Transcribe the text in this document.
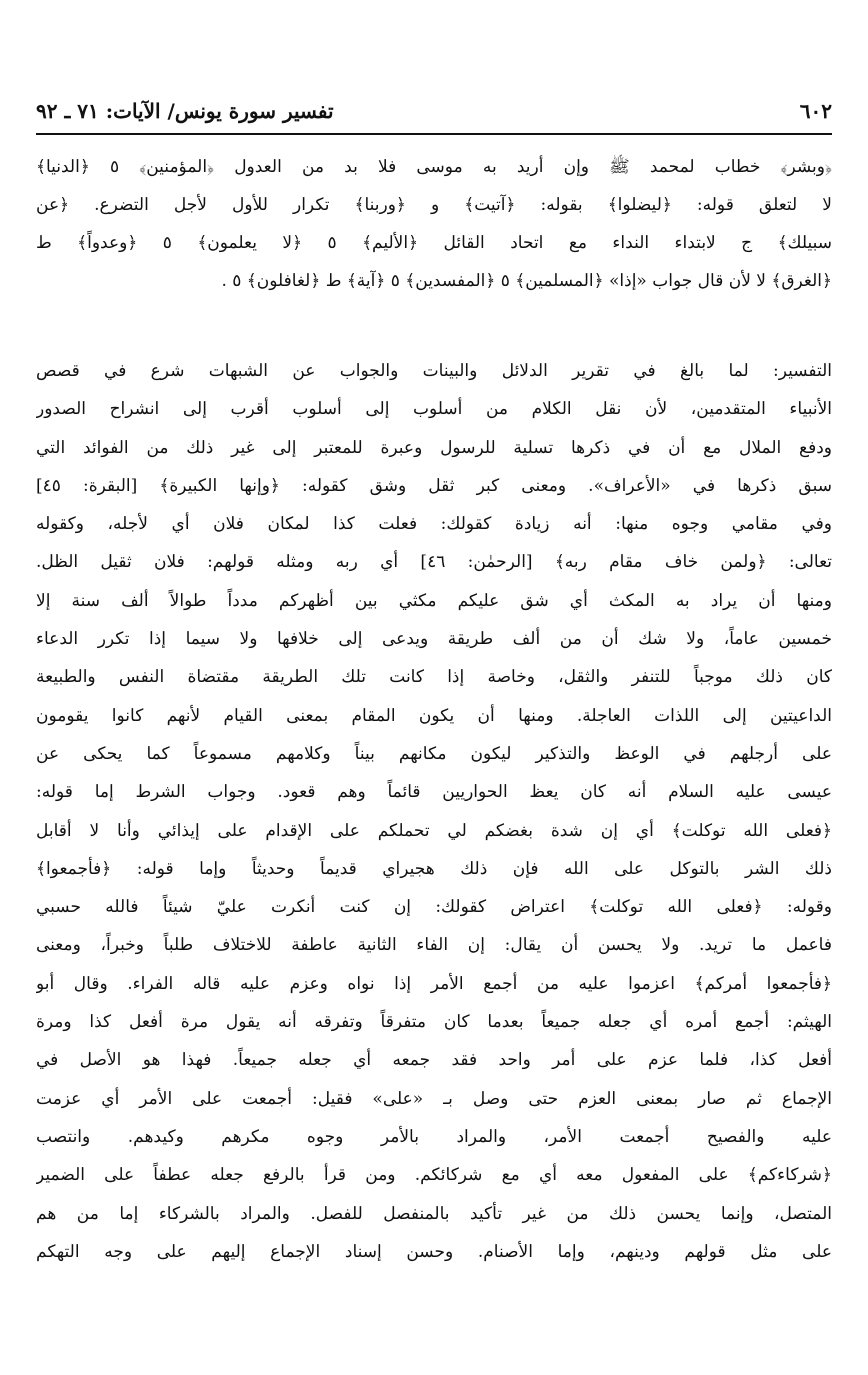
٦٠٢
تفسير سورة يونس/ الآيات: ٧١ ـ ٩٢
﴿وبشر﴾ خطاب لمحمد ﷺ وإن أريد به موسى فلا بد من العدول ﴿المؤمنين﴾ ٥ ﴿الدنيا﴾
لا لتعلق قوله: ﴿ليضلوا﴾ بقوله: ﴿آتيت﴾ و ﴿وربنا﴾ تكرار للأول لأجل التضرع. ﴿عن
سبيلك﴾ ج لابتداء النداء مع اتحاد القائل ﴿الأليم﴾ ٥ ﴿لا يعلمون﴾ ٥ ﴿وعدواً﴾ ط
﴿الغرق﴾ لا لأن قال جواب «إذا» ﴿المسلمين﴾ ٥ ﴿المفسدين﴾ ٥ ﴿آية﴾ ط ﴿لغافلون﴾ ٥ .
التفسير: لما بالغ في تقرير الدلائل والبينات والجواب عن الشبهات شرع في قصص
الأنبياء المتقدمين، لأن نقل الكلام من أسلوب إلى أسلوب أقرب إلى انشراح الصدور
ودفع الملال مع أن في ذكرها تسلية للرسول وعبرة للمعتبر إلى غير ذلك من الفوائد التي
سبق ذكرها في «الأعراف». ومعنى كبر ثقل وشق كقوله: ﴿وإنها الكبيرة﴾ [البقرة: ٤٥]
وفي مقامي وجوه منها: أنه زيادة كقولك: فعلت كذا لمكان فلان أي لأجله، وكقوله
تعالى: ﴿ولمن خاف مقام ربه﴾ [الرحمٰن: ٤٦] أي ربه ومثله قولهم: فلان ثقيل الظل.
ومنها أن يراد به المكث أي شق عليكم مكثي بين أظهركم مدداً طوالاً ألف سنة إلا
خمسين عاماً، ولا شك أن من ألف طريقة ويدعى إلى خلافها ولا سيما إذا تكرر الدعاء
كان ذلك موجباً للتنفر والثقل، وخاصة إذا كانت تلك الطريقة مقتضاة النفس والطبيعة
الداعيتين إلى اللذات العاجلة. ومنها أن يكون المقام بمعنى القيام لأنهم كانوا يقومون
على أرجلهم في الوعظ والتذكير ليكون مكانهم بيناً وكلامهم مسموعاً كما يحكى عن
عيسى عليه السلام أنه كان يعظ الحواريين قائماً وهم قعود. وجواب الشرط إما قوله:
﴿فعلى الله توكلت﴾ أي إن شدة بغضكم لي تحملكم على الإقدام على إيذائي وأنا لا أقابل
ذلك الشر بالتوكل على الله فإن ذلك هجيراي قديماً وحديثاً وإما قوله: ﴿فأجمعوا﴾
وقوله: ﴿فعلى الله توكلت﴾ اعتراض كقولك: إن كنت أنكرت عليّ شيئاً فالله حسبي
فاعمل ما تريد. ولا يحسن أن يقال: إن الفاء الثانية عاطفة للاختلاف طلباً وخبراً، ومعنى
﴿فأجمعوا أمركم﴾ اعزموا عليه من أجمع الأمر إذا نواه وعزم عليه قاله الفراء. وقال أبو
الهيثم: أجمع أمره أي جعله جميعاً بعدما كان متفرقاً وتفرقه أنه يقول مرة أفعل كذا ومرة
أفعل كذا، فلما عزم على أمر واحد فقد جمعه أي جعله جميعاً. فهذا هو الأصل في
الإجماع ثم صار بمعنى العزم حتى وصل بـ «على» فقيل: أجمعت على الأمر أي عزمت
عليه والفصيح أجمعت الأمر، والمراد بالأمر وجوه مكرهم وكيدهم. وانتصب
﴿شركاءكم﴾ على المفعول معه أي مع شركائكم. ومن قرأ بالرفع جعله عطفاً على الضمير
المتصل، وإنما يحسن ذلك من غير تأكيد بالمنفصل للفصل. والمراد بالشركاء إما من هم
على مثل قولهم ودينهم، وإما الأصنام. وحسن إسناد الإجماع إليهم على وجه التهكم
